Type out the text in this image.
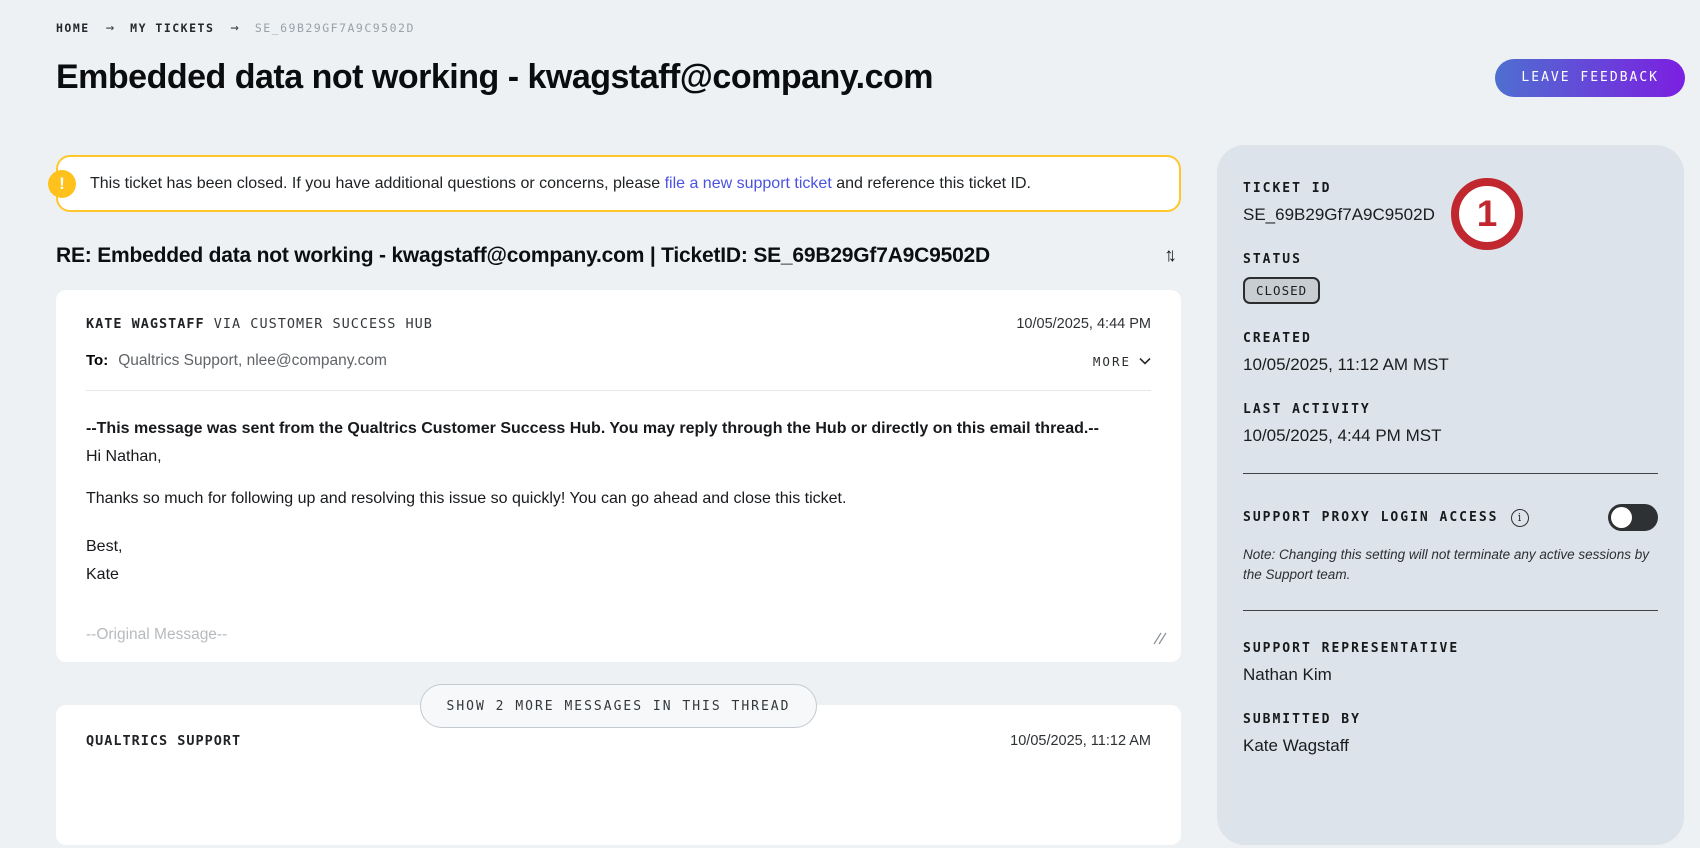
HOME → MY TICKETS → SE_69B29GF7A9C9502D
Embedded data not working - kwagstaff@company.com	LEAVE FEEDBACK
!	This ticket has been closed. If you have additional questions or concerns, please file a new support ticket and reference this ticket ID.
RE: Embedded data not working - kwagstaff@company.com | TicketID: SE_69B29Gf7A9C9502D	↑↓
KATE WAGSTAFF VIA CUSTOMER SUCCESS HUB	10/05/2025, 4:44 PM
To: Qualtrics Support, nlee@company.com	MORE

--This message was sent from the Qualtrics Customer Success Hub. You may reply through the Hub or directly on this email thread.--

Hi Nathan,

Thanks so much for following up and resolving this issue so quickly! You can go ahead and close this ticket.

Best,

Kate

--Original Message--

SHOW 2 MORE MESSAGES IN THIS THREAD
QUALTRICS SUPPORT	10/05/2025, 11:12 AM
1
TICKET ID
SE_69B29Gf7A9C9502D
STATUS
CLOSED
CREATED
10/05/2025, 11:12 AM MST
LAST ACTIVITY
10/05/2025, 4:44 PM MST
SUPPORT PROXY LOGIN ACCESS	i
Note: Changing this setting will not terminate any active sessions by the Support team.
SUPPORT REPRESENTATIVE
Nathan Kim
SUBMITTED BY
Kate Wagstaff
